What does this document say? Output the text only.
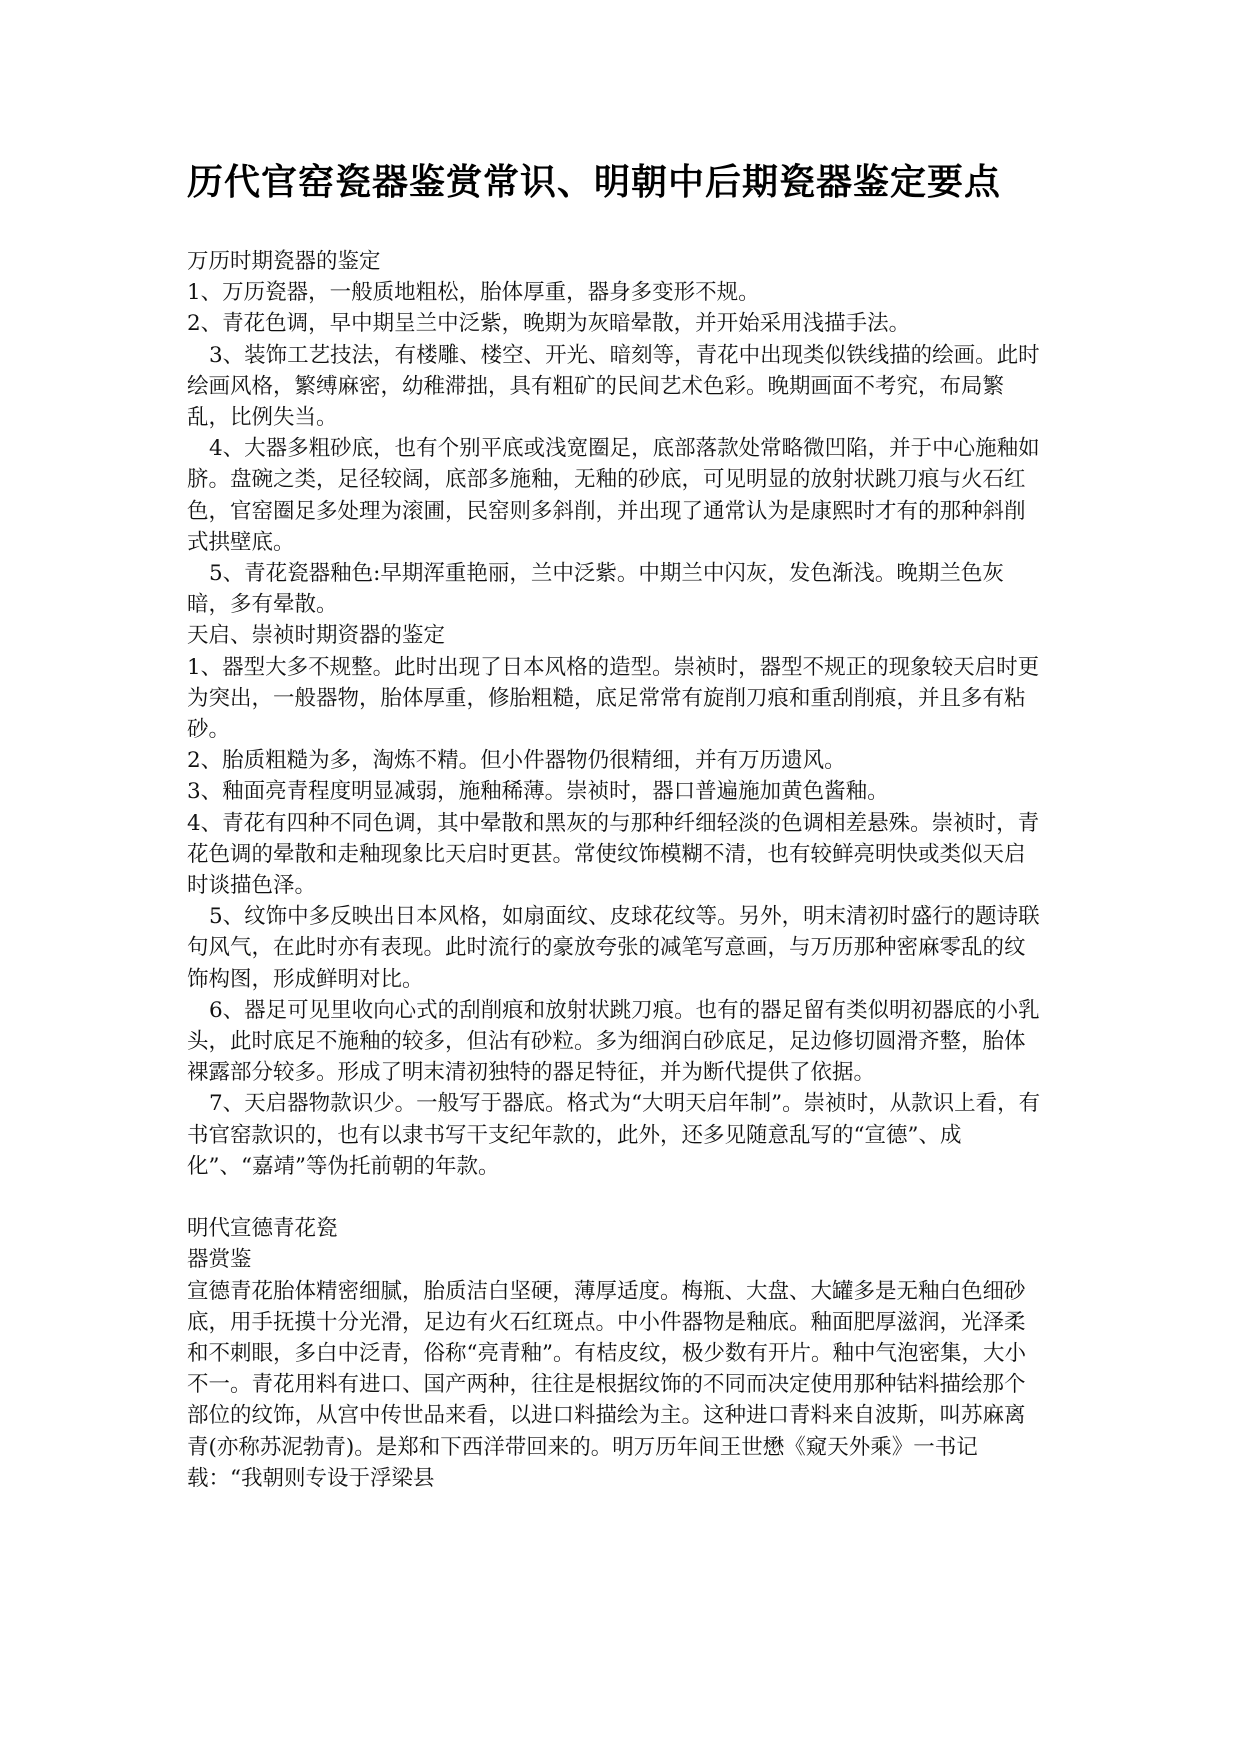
历代官窑瓷器鉴赏常识、明朝中后期瓷器鉴定要点

万历时期瓷器的鉴定

1、万历瓷器，一般质地粗松，胎体厚重，器身多变形不规。

2、青花色调，早中期呈兰中泛紫，晚期为灰暗晕散，并开始采用浅描手法。

3、装饰工艺技法，有楼雕、楼空、开光、暗刻等，青花中出现类似铁线描的绘画。此时绘画风格，繁缚麻密，幼稚滞拙，具有粗矿的民间艺术色彩。晚期画面不考究，布局繁乱，比例失当。

4、大器多粗砂底，也有个别平底或浅宽圈足，底部落款处常略微凹陷，并于中心施釉如脐。盘碗之类，足径较阔，底部多施釉，无釉的砂底，可见明显的放射状跳刀痕与火石红色，官窑圈足多处理为滚圃，民窑则多斜削，并出现了通常认为是康熙时才有的那种斜削式拱壁底。

5、青花瓷器釉色:早期浑重艳丽，兰中泛紫。中期兰中闪灰，发色渐浅。晚期兰色灰暗，多有晕散。

天启、崇祯时期资器的鉴定

1、器型大多不规整。此时出现了日本风格的造型。崇祯时，器型不规正的现象较天启时更为突出，一般器物，胎体厚重，修胎粗糙，底足常常有旋削刀痕和重刮削痕，并且多有粘砂。

2、胎质粗糙为多，淘炼不精。但小件器物仍很精细，并有万历遗风。

3、釉面亮青程度明显减弱，施釉稀薄。崇祯时，器口普遍施加黄色酱釉。

4、青花有四种不同色调，其中晕散和黑灰的与那种纤细轻淡的色调相差悬殊。崇祯时，青花色调的晕散和走釉现象比天启时更甚。常使纹饰模糊不清，也有较鲜亮明快或类似天启时谈描色泽。

5、纹饰中多反映出日本风格，如扇面纹、皮球花纹等。另外，明末清初时盛行的题诗联句风气，在此时亦有表现。此时流行的豪放夸张的减笔写意画，与万历那种密麻零乱的纹饰构图，形成鲜明对比。

6、器足可见里收向心式的刮削痕和放射状跳刀痕。也有的器足留有类似明初器底的小乳头，此时底足不施釉的较多，但沾有砂粒。多为细润白砂底足，足边修切圆滑齐整，胎体裸露部分较多。形成了明末清初独特的器足特征，并为断代提供了依据。

7、天启器物款识少。一般写于器底。格式为“大明天启年制”。崇祯时，从款识上看，有书官窑款识的，也有以隶书写干支纪年款的，此外，还多见随意乱写的“宣德”、成化”、“嘉靖”等伪托前朝的年款。

明代宣德青花瓷

器赏鉴

宣德青花胎体精密细腻，胎质洁白坚硬，薄厚适度。梅瓶、大盘、大罐多是无釉白色细砂底，用手抚摸十分光滑，足边有火石红斑点。中小件器物是釉底。釉面肥厚滋润，光泽柔和不刺眼，多白中泛青，俗称“亮青釉”。有桔皮纹，极少数有开片。釉中气泡密集，大小不一。青花用料有进口、国产两种，往往是根据纹饰的不同而决定使用那种钴料描绘那个部位的纹饰，从宫中传世品来看，以进口料描绘为主。这种进口青料来自波斯，叫苏麻离青(亦称苏泥勃青)。是郑和下西洋带回来的。明万历年间王世懋《窥天外乘》一书记载：“我朝则专设于浮梁县
